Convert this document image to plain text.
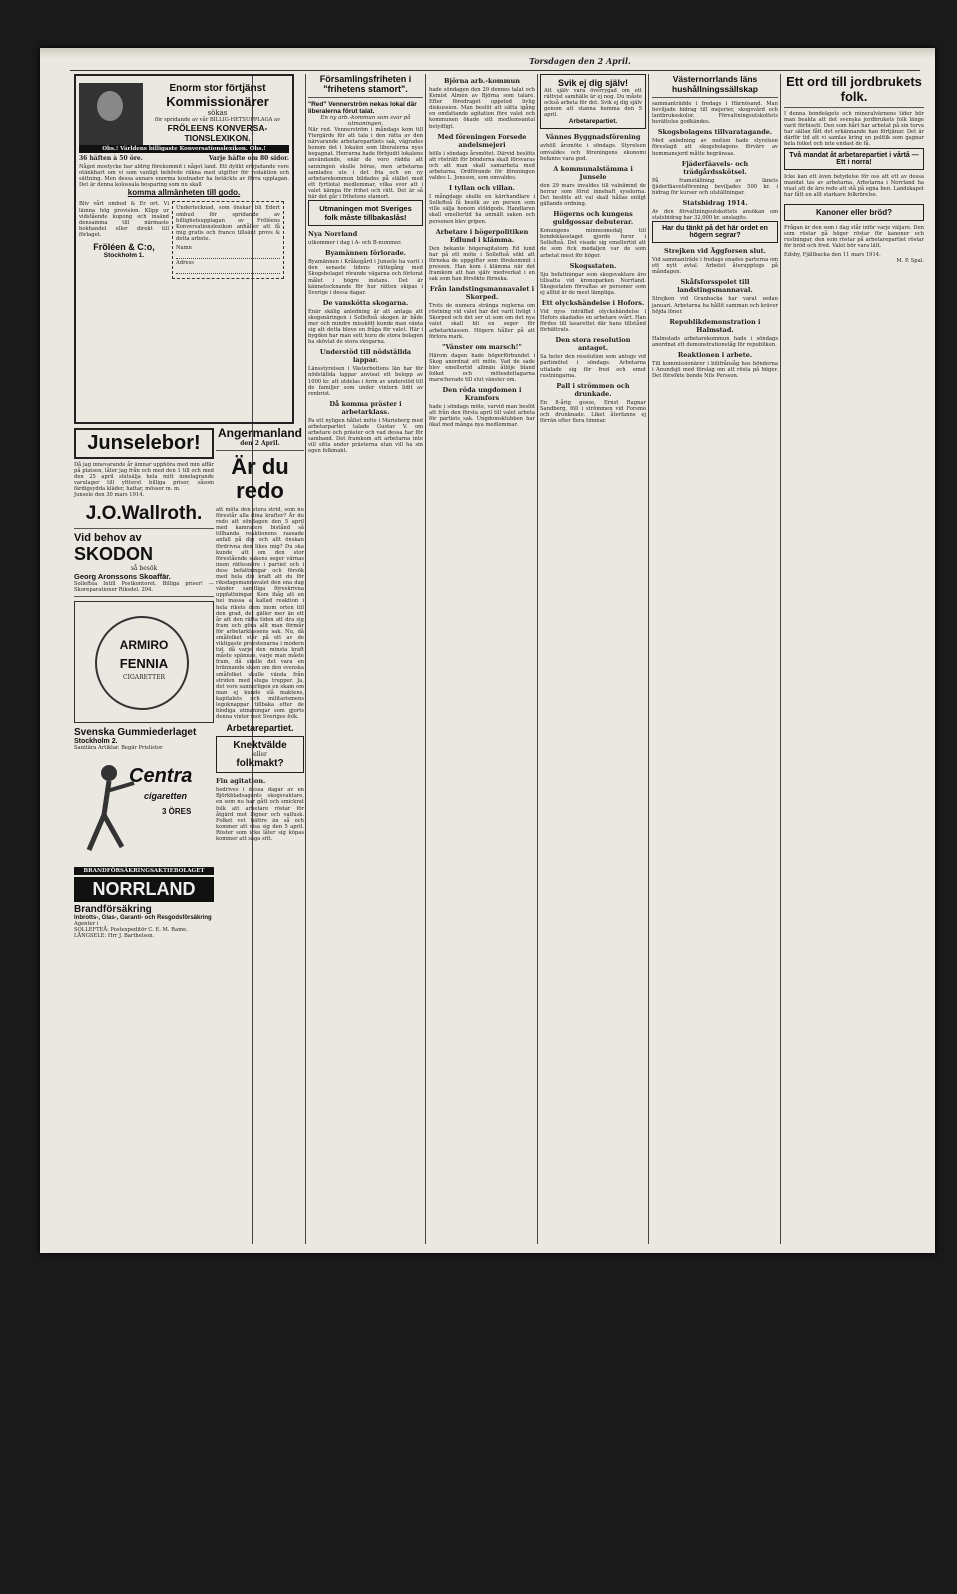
Torsdagen den 2 April.
Enorm stor förtjänst
Kommissionärer
sökas
för spridande av vår BILLIG-HETSUPPLAGA av
FRÖLEENS KONVERSA-TIONSLEXIKON.
Obs.! Världens billigaste Konversationslexikon. Obs.!
36 häften à 50 öre.	Varje häfte om 80 sidor.
Något mostycke har aldrig förekommit i något land. Ett dylikt erbjudande vore otänkbart om vi som vanligt behövde räkna med utgifter för redaktion och sättning. Men dessa annars enorma kostnader ha betäckts av förra upplagan. Det är denna kolossala besparing som nu skall
komma allmänheten till godo.
Bliv vårt ombud & Er ort. Vi lämna hög provision. Klipp ur vidstående kupong och insänd densamma till närmaste bokhandel eller direkt till förlaget.
Fröléen & C:o,
Stockholm 1.
Undertecknad, som önskar bli Edert ombud för spridande av billighetsupplagan av Fröléens Konversationslexikon anhåller att få mig gratis och franco tillsänt provs & detta arbete.
Namn
Adress
Junselebor!
Då jag innevarande år ämnar upphöra med min affär på platsen, låter jag från och med den 1 till och med den 25 april slutsälja hela mitt innelagrande varulager till yttterst billiga priser, såsom färdigsydda kläder, hattar, mössor m. m.
Junsele den 30 mars 1914.
J.O.Wallroth.
Vid behov av
SKODON
så besök
Georg Aronssons Skoaffär.
Solleftea Intill Postkontoret. Billiga priser! — Skoreparationer Riksdel. 294.
ARMIRO
FENNIA
CIGARETTER
Svenska Gummiederlaget
Stockholm 2.
Sanitära Artiklar. Begär Prislistor.
Centra
cigaretten
3 ÖRES
BRANDFÖRSÄKRINGSAKTIEBOLAGET
NORRLAND
Brandförsäkring
Inbrotts-, Glas-, Garanti- och Resgodsförsäkring
Agenter i
SOLLEFTEÅ: Postexpeditör C. E. M. Rame.
LÅNGSELE: Hrr J. Barthelson.
Angermanland
den 2 April.
Är du redo
att möta den stora strid, som nu förestår alla dina krafter? Är du redo att söndagen den 5 april med kamraters bistånd så tillhanda reaktionens raseade anfall på dig och allt önskan fördrivna den likes mig? Du ska kunde att om den stor förestående sakens seger värnas inom rättesnöre i partiet och i dess befattningar och försök med hela din kraft att du för riksdagsmannavalet den ena dag vänder samtliga föreskrivna uppfattningar. Kom ihåg att en hel massa a kallad reaktion i hela rikets dem inom orten till den grad, det gäller mer än ett år att den rätta tiden att dra sig fram och göra allt man förmår för arbetarklassens sak. Nu, då småfolket står på ett av de viktigaste provstenarna i modern tid, då varje den minsta kraft måste spännas, varje man måste fram, då skulle det vara en brännande skam om den svenska småfolket skulle vända från striden med sluga trupper. Ja, det vore sannerligen en skam om man ej kunde slå maktens, kapitalets och militarismens legoknappar tillbaka efter de blodiga utmaningar som gjorts denna vinter mot Sveriges folk.
Arbetarepartiet.
Knektvälde
eller
folkmakt?
Fin agitation.
bedrives i dessa dagar av en Björkbladsagents skogsvaktare, en som nu har gått och smickrat folk att arbetare röstar för åtgärd mot lögner och valfusk. Folket vet bättre än så och kommer att visa sig den 5 april. Röster som icke låter sig köpas kommer att säga sitt.
Församlingsfriheten i "frihetens stamort".
"Red" Vennerström nekas lokal där liberalerna förut talat.
En ny arb.-kommun som svar på utmaningen.
När red. Vennerström i måndags kom till Ytergärde för att tala i den rätta av den närvarande arbetarepartiets sak, vägrades honom det i lokalen som liberalerna nyss begagnat. Herrarna hade förbjudit lokalens användande, enär de voro rädda att sanningen skulle höras, men arbetarna samlades ute i det fria och en ny arbetarekommun bildades på stället med ett fyrtiotal medlemmar, vilka svor att i valet kämpa för frihet och rätt. Det är så här det går i frihetens stamort.
Utmaningen mot Sveriges folk måste tillbakaslås!
Nya Norrland
utkommer i dag i A- och B-nummer.
Byamännen förlorade.
Byamännen i Kråkegård i Junsele ha varit i den senaste tidens rättegång med Skogsbolaget rörande vägarna och förlorat målet i högre instans. Det är kännetecknande för hur rätten skipas i Sverige i dessa dagar.
De vanskötta skogarna.
Enär skälig anledning är att antaga att skogsnäringen i Sollefteå skogen är både mer och mindre misskött kunde man vänta sig att detta bleve en fråga för valet. Här i bygden har man sett huru de stora bolagen ha skövlat de stora skogarna.
Understöd till nödställda lappar.
Länsstyrelsen i Västerbottens län har för nödställda lappar anvisat ett belopp av 1000 kr. att utdelas i form av understöd till de familjer som under vintern lidit av renbrist.
Då komma präster i arbetarklass.
Pa ett nyligen hållet möte i Marieberg med arbetarpartiet talade Gustav V. om arbetare och präster och vad dessa har för samband. Det framkom att arbetarna inte vill sitta under prästerna utan vill ha sin egen folkmakt.
Björna arb.-kommun
hade söndagen den 29 dennes talat och Kemist Almén av Björna som talare. Efter föredraget uppstod livlig diskussion. Man beslöt att sätta igång en omfattande agitation före valet och kommunen ökade sitt medlemsantal betydligt.
Med föreningen Forsede andelsmejeri
hölls i söndags årsmötet. Därvid beslöts att rösträtt för bönderna skall försvaras och att man skall samarbeta med arbetarna. Ordförande för föreningen valdes L. Jonsson, som omvaldes.
I tyllan och villan.
I mångdage skulle en kärrhandlare i Sollefteå få besök av en person som ville sälja honom stöldgods. Handlaren skall emellertid ha anmält saken och personen blev gripen.
Arbetare i högerpolitiken Edlund i klämma.
Den bekante högeragitatorn Ed lund har på ett möte i Sollefteå sökt att förneka de uppgifter som förekommit i pressen. Han kom i klämma när det framkom att han själv medverkat i en sak som han försökte förneka.
Från landstingsmannavalet i Skorped.
Trots de numera stränga reglerna om röstning vid valet har det varit livligt i Skorped och det ser ut som om det nya valet skall bli en seger för arbetarklassen. Högern håller på att förlora mark.
"Vänster om marsch!"
Härom dagen hade högerförbundet i Skog anordnat ett möte. Vad de sade blev emellertid allmän åtlöje bland folket och mötesdeltagarna marscherade till slut vänster om.
Den röda ungdomen i Kramfors
hade i söndags möte, varvid man beslöt att från den första april till valet arbeta för partiets sak. Ungdomsklubben har ökat med många nya medlemmar.
Svik ej dig själv!
Att själv vara överrygad om ett rättvist samhälle är ej nog. Du måste också arbeta för det. Svik ej dig själv genom att stanna hemma den 5 april.
Arbetarepartiet.
Vännes Byggnadsförening
avhöll årsmöte i söndags. Styrelsen omvaldes och föreningens ekonomi befanns vara god.
A kommunalstämma i Junsele
den 29 mars invaldes till valnämnd de herrar som förut innehaft sysslorna. Det beslöts att val skall hållas enligt gällande ordning.
Högerns och kungens guldgossar debuterar.
Konungens minnesmedalj till bondeklasstaget gjorde furor i Sollefteå. Det visade sig emellertid att de som fick medaljen var de som arbetat mest för höger.
Skogsstaten.
Sju befattningar som skogsvaktare äro tillsatta vid kronoparken Norrland. Skogsstaten förvaltas av personer som ej alltid är de mest lämpliga.
Ett olyckshändelse i Hofors.
Vid nyss inträffad olyckshändelse i Hofors skadades en arbetare svårt. Han fördes till lasarettet där hans tillstånd förbättrats.
Den stora resolution antaget.
Sa heter den resolution som antogs vid partimötet i söndags. Arbetarna uttalade sig för fred och emot rustningarna.
Pall i strömmen och drunkade.
En 8-årig gosse, Ernst Ragnar Sandberg, föll i strömmen vid Forsmo och drunknade. Liket återfanns ej förrän efter flera timmar.
Västernorrlands läns hushållningssällskap
sammanträdde i fredags i Härnösand. Man beviljade bidrag till mejerier, skogsvård och lantbruksskolor. Förvaltningsutskottets berättelse godkändes.
Skogsbolagens tillvaratagande.
Med anledning av motion hade styrelsen föreslagit att skogsbolagens förvärv av hemmansjord måtte begränsas.
Fjäderfäavels- och trädgårdsskötsel.
På framställning av länets fjäderfäavelsförening beviljades 500 kr. i bidrag för kurser och utställningar.
Statsbidrag 1914.
Av den förvaltningsutskottets ansökan om statsbidrag har 32,000 kr. anslagits.
Har du tänkt på det här ordet en högern segrar?
Strejken vid Äggforsen slut.
Vid sammanträde i fredags enades parterna om ett nytt avtal. Arbetet återupptogs på måndagen.
Skåfsforsspolet till landstingsmannaval.
Strejken vid Granbacka har varat sedan januari. Arbetarna ha hållit samman och kräver höjda löner.
Republikdemonstration i Halmstad.
Halmstads arbetarekommun hade i söndags anordnat ett demonstrationståg för republiken.
Reaktionen i arbete.
Till kommissionärer i bilifrånsåg hos bönderna i Anundsjö med förslag om att rösta på höger. Det försökte bonde Nils Persson.
Ett ord till jordbrukets folk.
I denna bondeägets och mineralvärnens tider bör man beakta att det svenska jordbrukets folk länge varit förbisett. Den som hårt har arbetat på sin torva har sällan fått det erkännande han förtjänar. Det är därför tid att vi samlas kring en politik som gagnar hela folket och inte endast de få.
Två mandat åt arbetarepartiet i vårtå — Ett i norra!
Icke kan ett även betydelse för oss att ett av dessa mandat tas av arbetarna. Arbetarna i Norrland ha visat att de äro redo att stå på egna ben. Landskapet har fått en allt starkare folkrörelse.
Kanoner eller bröd?
Frågan är den som i dag står inför varje väljare. Den som röstar på höger röstar för kanoner och rustningar, den som röstar på arbetarepartiet röstar för bröd och fred. Valet bör vara lätt.
Edsby, Fjällbacka den 11 mars 1914.
M. P. Spal.
